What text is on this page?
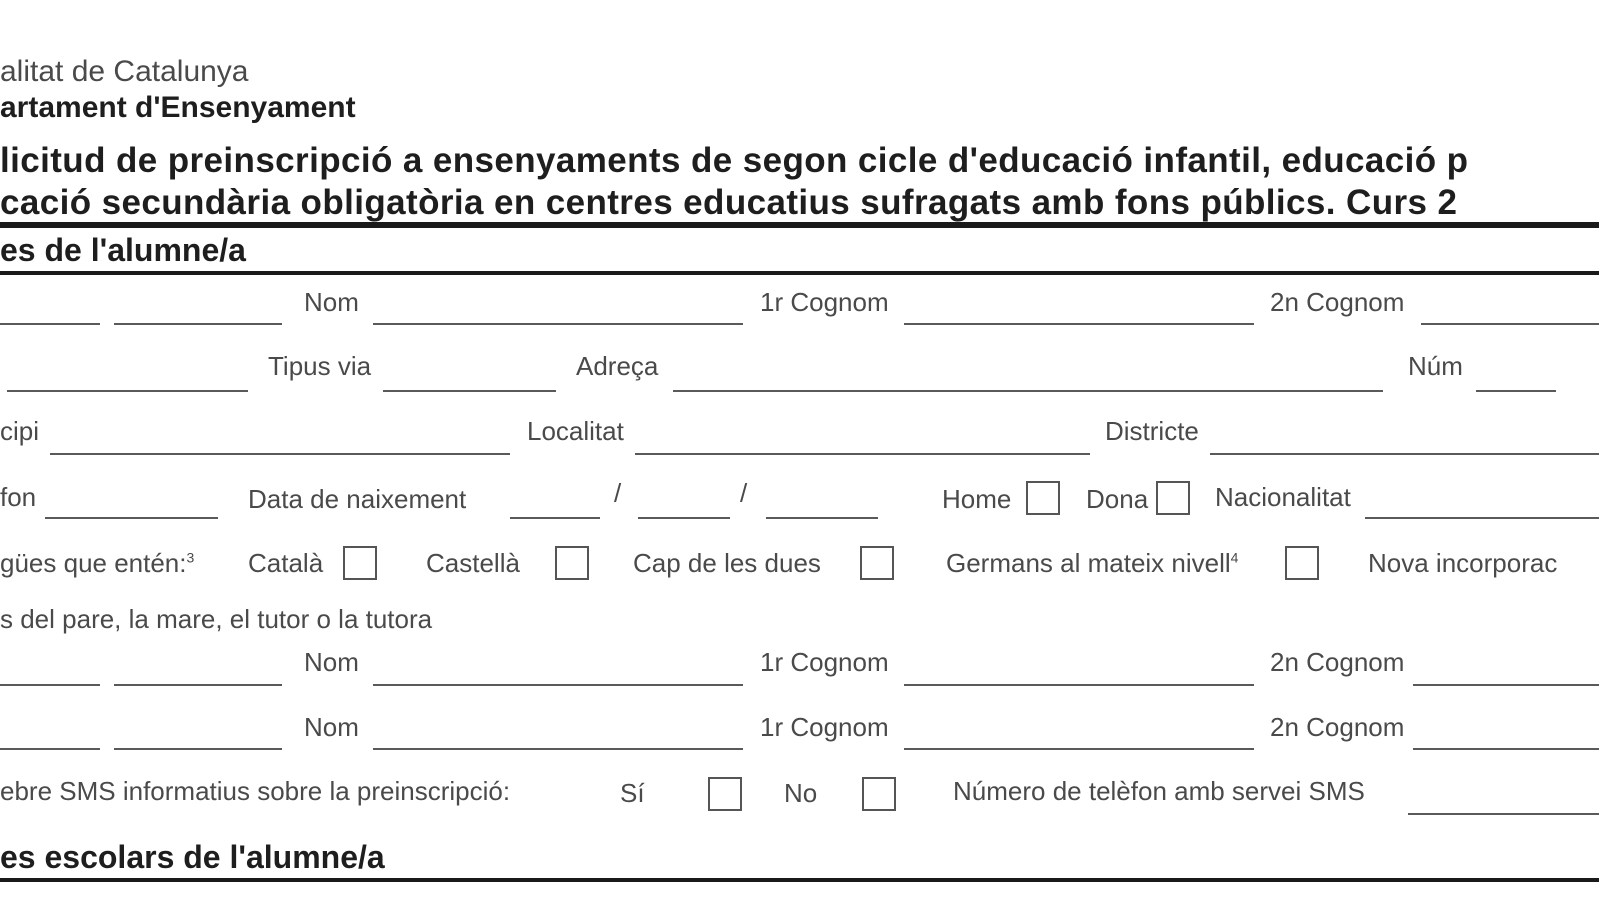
alitat de Catalunya
artament d'Ensenyament
licitud de preinscripció a ensenyaments de segon cicle d'educació infantil, educació p
cació secundària obligatòria en centres educatius sufragats amb fons públics. Curs 2
es de l'alumne/a
Nom	1r Cognom	2n Cognom
Tipus via	Adreça	Núm
cipi	Localitat	Districte
fon	Data de naixement	/	/	Home	Dona	Nacionalitat
gües que entén:$^3$ Català	Castellà	Cap de les dues	Germans al mateix nivell$^4$	Nova incorporac
s del pare, la mare, el tutor o la tutora
Nom	1r Cognom	2n Cognom
Nom	1r Cognom	2n Cognom
ebre SMS informatius sobre la preinscripció:	Sí	No	Número de telèfon amb servei SMS
es escolars de l'alumne/a
